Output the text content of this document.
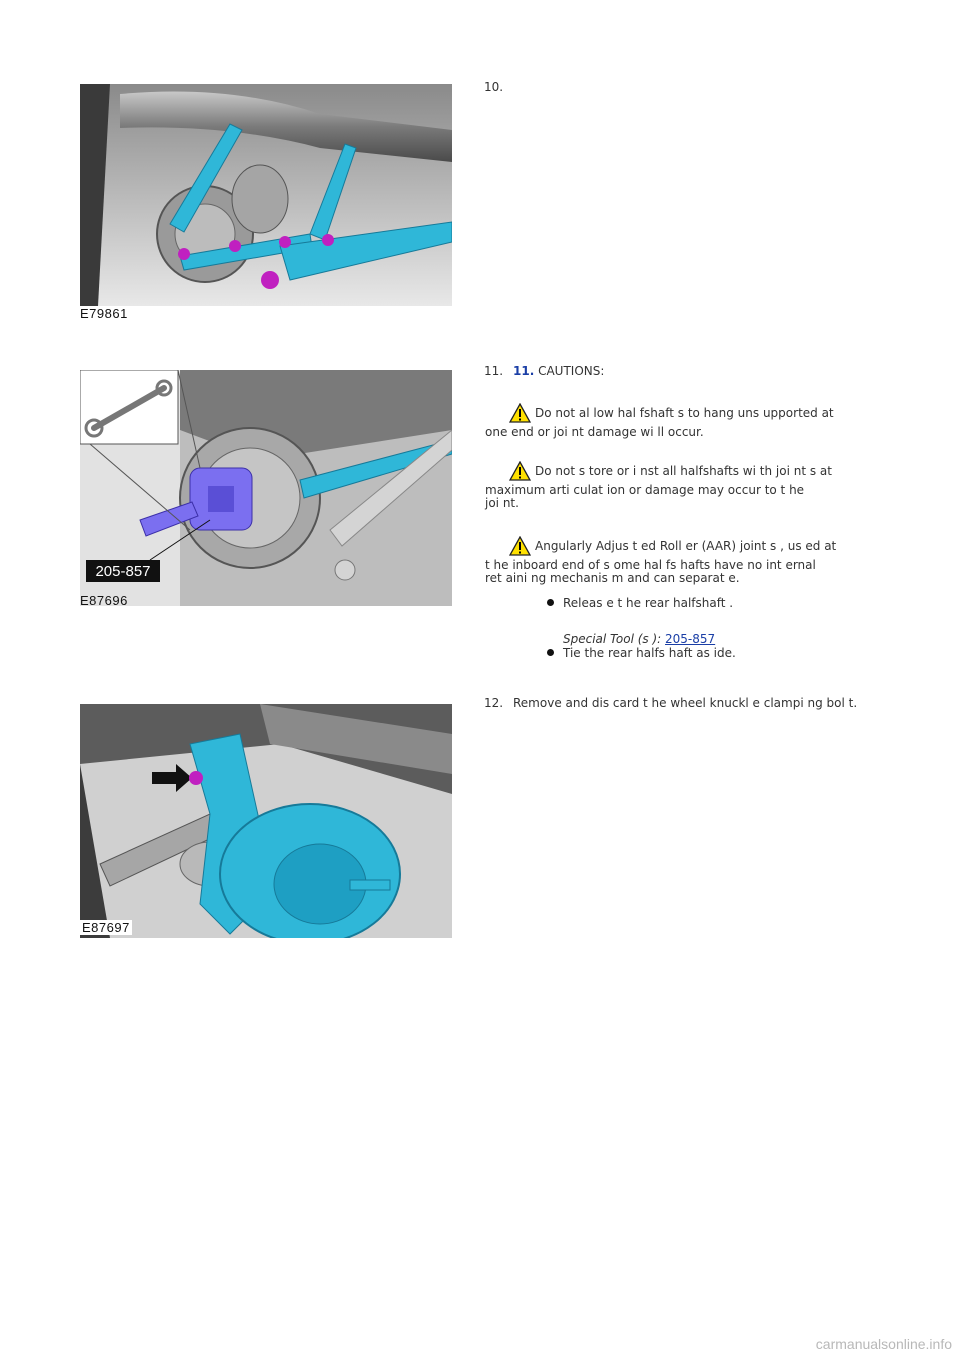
E79861
10.
205-857
E87696
11. 11. CAUTIONS:
Do not al low hal fshaft s to hang uns upported at
one end or joi nt damage wi ll occur.
Do not s tore or i nst all halfshafts wi th joi nt s at
maximum arti culat ion or damage may occur to t he
joi nt.
Angularly Adjus t ed Roll er (AAR) joint s , us ed at
t he inboard end of s ome hal fs hafts have no int ernal
ret aini ng mechanis m and can separat e.
Releas e t he rear halfshaft .
Special Tool (s ): 205-857
Tie the rear halfs haft as ide.
12. Remove and dis card t he wheel knuckl e clampi ng bol t.
E87697
carmanualsonline.info
